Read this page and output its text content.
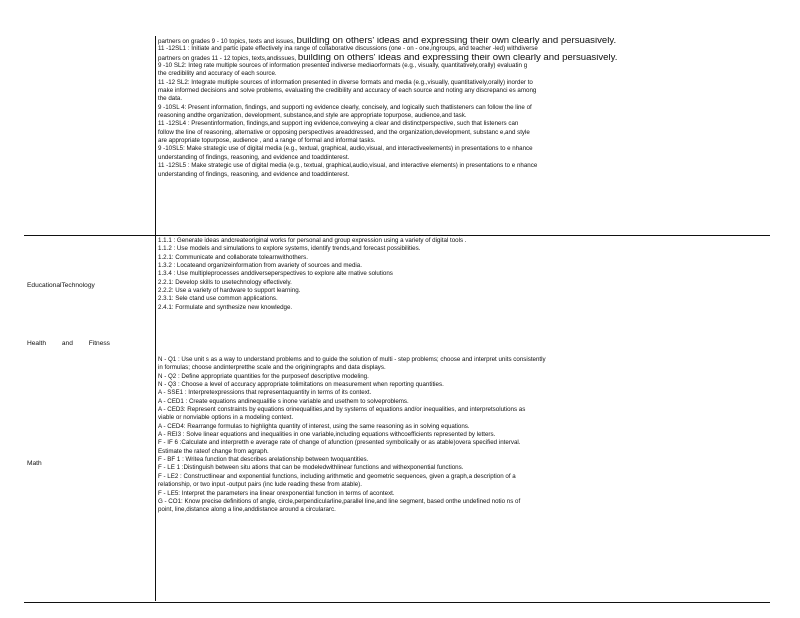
partners on grades 9 - 10 topics, texts and issues, building on others' ideas and expressing their own clearly and persuasively.
11 -12SL1 : Initiate and partic ipate effectively ina range of collaborative discussions (one - on - one,ingroups, and teacher -led) withdiverse
partners on grades 11 - 12 topics, texts,andissues, building on others' ideas and expressing their own clearly and persuasively.
9 -10 SL2: Integ rate multiple sources of information presented indiverse mediaorformats (e.g., visually, quantitatively,orally) evaluatin g
the credibility and accuracy of each source.
11 -12 SL2: Integrate multiple sources of information presented in diverse formats and media (e.g.,visually, quantitatively,orally) inorder to
make informed decisions and solve problems, evaluating the credibility and accuracy of each source and noting any discrepanci es among
the data.
9 -10SL 4: Present information, findings, and supporti ng evidence clearly, concisely, and logically such thatlisteners can follow the line of
reasoning andthe organization, development, substance,and style are appropriate topurpose, audience,and task.
11 -12SL4 : Presentinformation, findings,and support ing evidence,conveying a clear and distinctperspective, such that listeners can
follow the line of reasoning, alternative or opposing perspectives areaddressed, and the organization,development, substanc e,and style
are appropriate topurpose, audience , and a range of formal and informal tasks.
9 -10SL5: Make strategic use of digital media (e.g., textual, graphical, audio,visual, and interactiveelements) in presentations to e nhance
understanding of findings, reasoning, and evidence and toaddinterest.
11 -12SL5 : Make strategic use of digital media (e.g., textual, graphical,audio,visual, and interactive elements) in presentations to e nhance
understanding of findings, reasoning, and evidence and toaddinterest.
EducationalTechnology
1.1.1 : Generate ideas andcreateoriginal works for personal and group expression using a variety of digital tools .
1.1.2 : Use models and simulations to explore systems, identify trends,and forecast possibilities.
1.2.1: Communicate and collaborate tolearnwithothers.
1.3.2 : Locateand organizeinformation from avariety of sources and media.
1.3.4 : Use multipleprocesses anddiverseperspectives to explore alte rnative solutions
2.2.1: Develop skills to usetechnology effectively.
2.2.2: Use a variety of hardware to support learning.
2.3.1: Sele ctand use common applications.
2.4.1: Formulate and synthesize new knowledge.
Health and Fitness
Math
N - Q1 : Use unit s as a way to understand problems and to guide the solution of multi - step problems; choose and interpret units consistently
in formulas; choose andinterpretthe scale and the originingraphs and data displays.
N - Q2 : Define appropriate quantities for the purposeof descriptive modeling.
N - Q3 : Choose a level of accuracy appropriate tolimitations on measurement when reporting quantities.
A - SSE1 : Interpretexpressions that representaquantity in terms of its context.
A - CED1 : Create equations andinequalitie s inone variable and usethem to solveproblems.
A - CED3: Represent constraints by equations orinequalities,and by systems of equations and/or inequalities, and interpretsolutions as
viable or nonviable options in a modeling context.
A - CED4: Rearrange formulas to highlighta quantity of interest, using the same reasoning as in solving equations.
A - REI3 : Solve linear equations and inequalities in one variable,including equations withcoefficients represented by letters.
F - IF 6 :Calculate and interpretth e average rate of change of afunction (presented symbolically or as atable)overa specified interval.
Estimate the rateof change from agraph.
F - BF 1 : Writea function that describes arelationship between twoquantities.
F - LE 1 :Distinguish between situ ations that can be modeledwithlinear functions and withexponential functions.
F - LE2 : Constructlinear and exponential functions, including arithmetic and geometric sequences, given a graph,a description of a
relationship, or two input -output pairs (inc lude reading these from atable).
F - LE5: Interpret the parameters ina linear orexponential function in terms of acontext.
G - CO1: Know precise definitions of angle, circle,perpendicularline,parallel line,and line segment, based onthe undefined notio ns of
point, line,distance along a line,anddistance around a circulararc.
